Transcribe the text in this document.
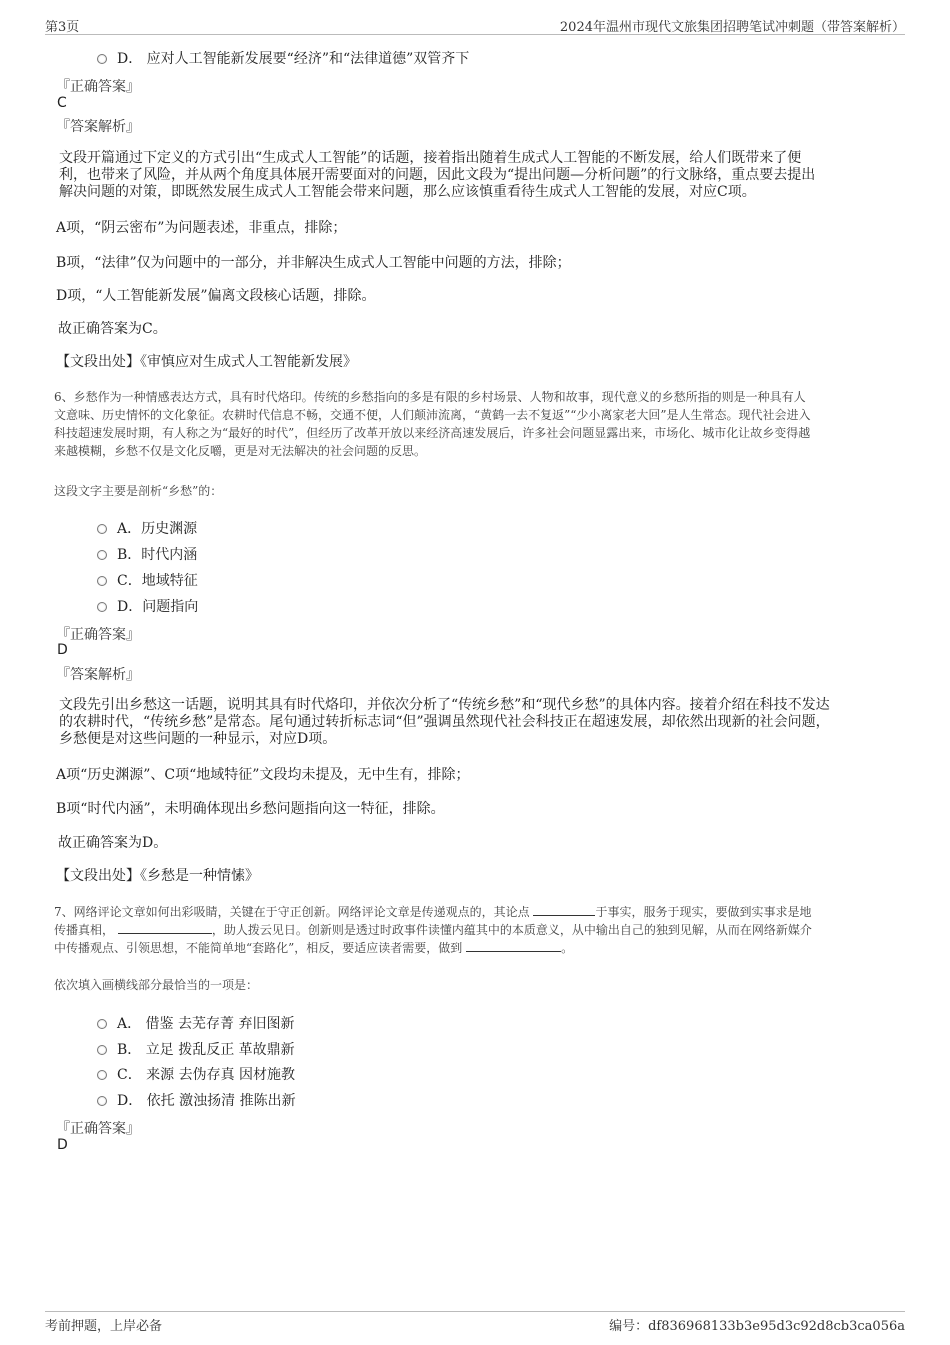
第3页	2024年温州市现代文旅集团招聘笔试冲刺题（带答案解析）
D． 应对人工智能新发展要“经济”和“法律道德”双管齐下
『正确答案』
C
『答案解析』
文段开篇通过下定义的方式引出“生成式人工智能”的话题，接着指出随着生成式人工智能的不断发展，给人们既带来了便
利，也带来了风险，并从两个角度具体展开需要面对的问题，因此文段为“提出问题—分析问题”的行文脉络，重点要去提出
解决问题的对策，即既然发展生成式人工智能会带来问题，那么应该慎重看待生成式人工智能的发展，对应C项。
A项，“阴云密布”为问题表述，非重点，排除；
B项，“法律”仅为问题中的一部分，并非解决生成式人工智能中问题的方法，排除；
D项，“人工智能新发展”偏离文段核心话题，排除。
故正确答案为C。
【文段出处】《审慎应对生成式人工智能新发展》
6、乡愁作为一种情感表达方式，具有时代烙印。传统的乡愁指向的多是有限的乡村场景、人物和故事，现代意义的乡愁所指的则是一种具有人
文意味、历史情怀的文化象征。农耕时代信息不畅，交通不便，人们颠沛流离，“黄鹤一去不复返”“少小离家老大回”是人生常态。现代社会进入
科技超速发展时期，有人称之为“最好的时代”，但经历了改革开放以来经济高速发展后，许多社会问题显露出来，市场化、城市化让故乡变得越
来越模糊，乡愁不仅是文化反嚼，更是对无法解决的社会问题的反思。
这段文字主要是剖析“乡愁”的：
A．历史渊源
B．时代内涵
C．地域特征
D．问题指向
『正确答案』
D
『答案解析』
文段先引出乡愁这一话题，说明其具有时代烙印，并依次分析了“传统乡愁”和“现代乡愁”的具体内容。接着介绍在科技不发达
的农耕时代，“传统乡愁”是常态。尾句通过转折标志词“但”强调虽然现代社会科技正在超速发展，却依然出现新的社会问题，
乡愁便是对这些问题的一种显示，对应D项。
A项“历史渊源”、C项“地域特征”文段均未提及，无中生有，排除；
B项“时代内涵”，未明确体现出乡愁问题指向这一特征，排除。
故正确答案为D。
【文段出处】《乡愁是一种情愫》
7、网络评论文章如何出彩吸睛，关键在于守正创新。网络评论文章是传递观点的，其论点	于事实，服务于现实，要做到实事求是地
传播真相，	，助人拨云见日。创新则是透过时政事件读懂内蕴其中的本质意义，从中输出自己的独到见解，从而在网络新媒介
中传播观点、引领思想，不能简单地“套路化”，相反，要适应读者需要，做到	。
依次填入画横线部分最恰当的一项是：
A． 借鉴 去芜存菁 弃旧图新
B． 立足 拨乱反正 革故鼎新
C． 来源 去伪存真 因材施教
D． 依托 激浊扬清 推陈出新
『正确答案』
D
考前押题，上岸必备	编号：df836968133b3e95d3c92d8cb3ca056a
